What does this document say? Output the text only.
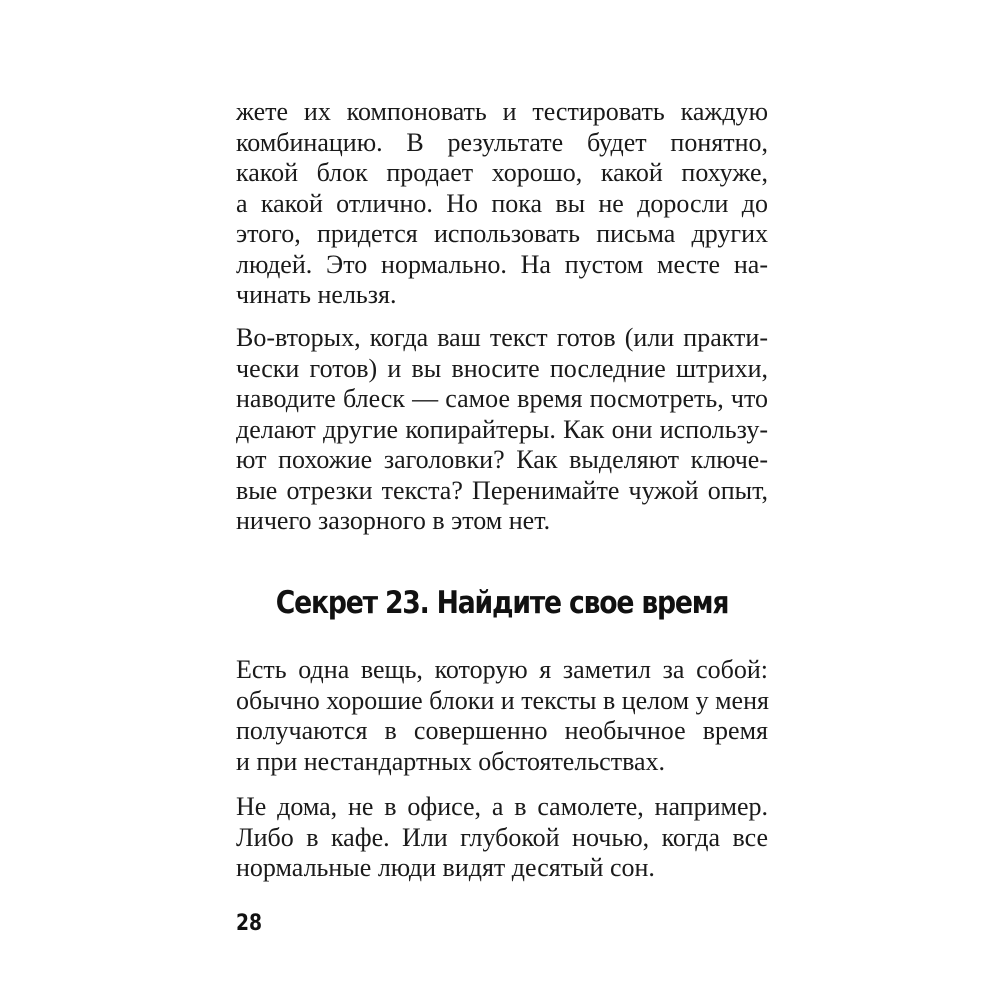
жете их компоновать и тестировать каждую
комбинацию. В результате будет понятно,
какой блок продает хорошо, какой похуже,
а какой отлично. Но пока вы не доросли до
этого, придется использовать письма других
людей. Это нормально. На пустом месте на-
чинать нельзя.
Во-вторых, когда ваш текст готов (или практи-
чески готов) и вы вносите последние штрихи,
наводите блеск — самое время посмотреть, что
делают другие копирайтеры. Как они использу-
ют похожие заголовки? Как выделяют ключе-
вые отрезки текста? Перенимайте чужой опыт,
ничего зазорного в этом нет.
Секрет 23. Найдите свое время
Есть одна вещь, которую я заметил за собой:
обычно хорошие блоки и тексты в целом у меня
получаются в совершенно необычное время
и при нестандартных обстоятельствах.
Не дома, не в офисе, а в самолете, например.
Либо в кафе. Или глубокой ночью, когда все
нормальные люди видят десятый сон.
28
